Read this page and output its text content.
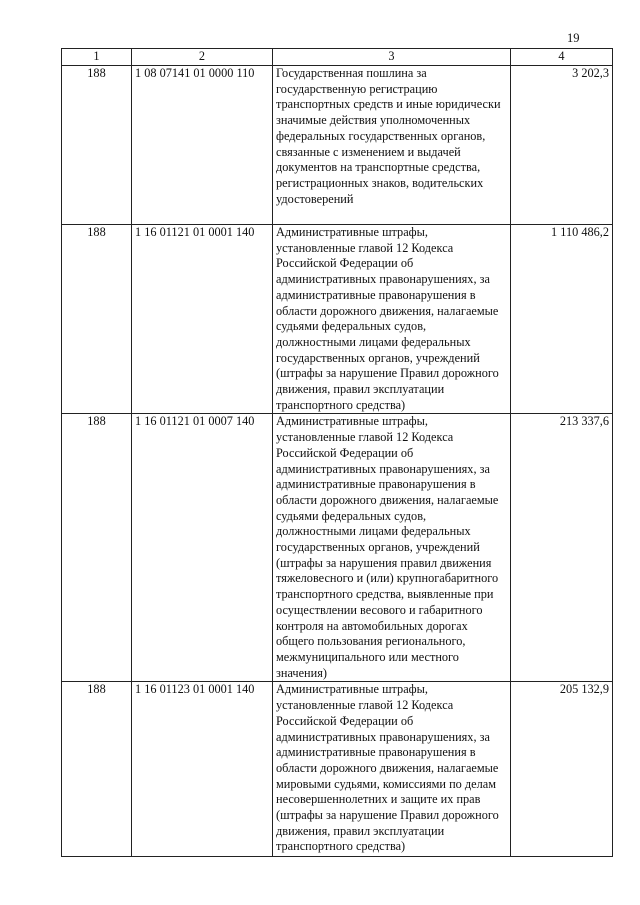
19
1	2	3	4
188	1 08 07141 01 0000 110	Государственная пошлина за государственную регистрацию транспортных средств и иные юридически значимые действия уполномоченных федеральных государственных органов, связанные с изменением и выдачей документов на транспортные средства, регистрационных знаков, водительских удостоверений	3 202,3
188	1 16 01121 01 0001 140	Административные штрафы, установленные главой 12 Кодекса Российской Федерации об административных правонарушениях, за административные правонарушения в области дорожного движения, налагаемые судьями федеральных судов, должностными лицами федеральных государственных органов, учреждений (штрафы за нарушение Правил дорожного движения, правил эксплуатации транспортного средства)	1 110 486,2
188	1 16 01121 01 0007 140	Административные штрафы, установленные главой 12 Кодекса Российской Федерации об административных правонарушениях, за административные правонарушения в области дорожного движения, налагаемые судьями федеральных судов, должностными лицами федеральных государственных органов, учреждений (штрафы за нарушения правил движения тяжеловесного и (или) крупногабаритного транспортного средства, выявленные при осуществлении весового и габаритного контроля на автомобильных дорогах общего пользования регионального, межмуниципального или местного значения)	213 337,6
188	1 16 01123 01 0001 140	Административные штрафы, установленные главой 12 Кодекса Российской Федерации об административных правонарушениях, за административные правонарушения в области дорожного движения, налагаемые мировыми судьями, комиссиями по делам несовершеннолетних и защите их прав (штрафы за нарушение Правил дорожного движения, правил эксплуатации транспортного средства)	205 132,9
